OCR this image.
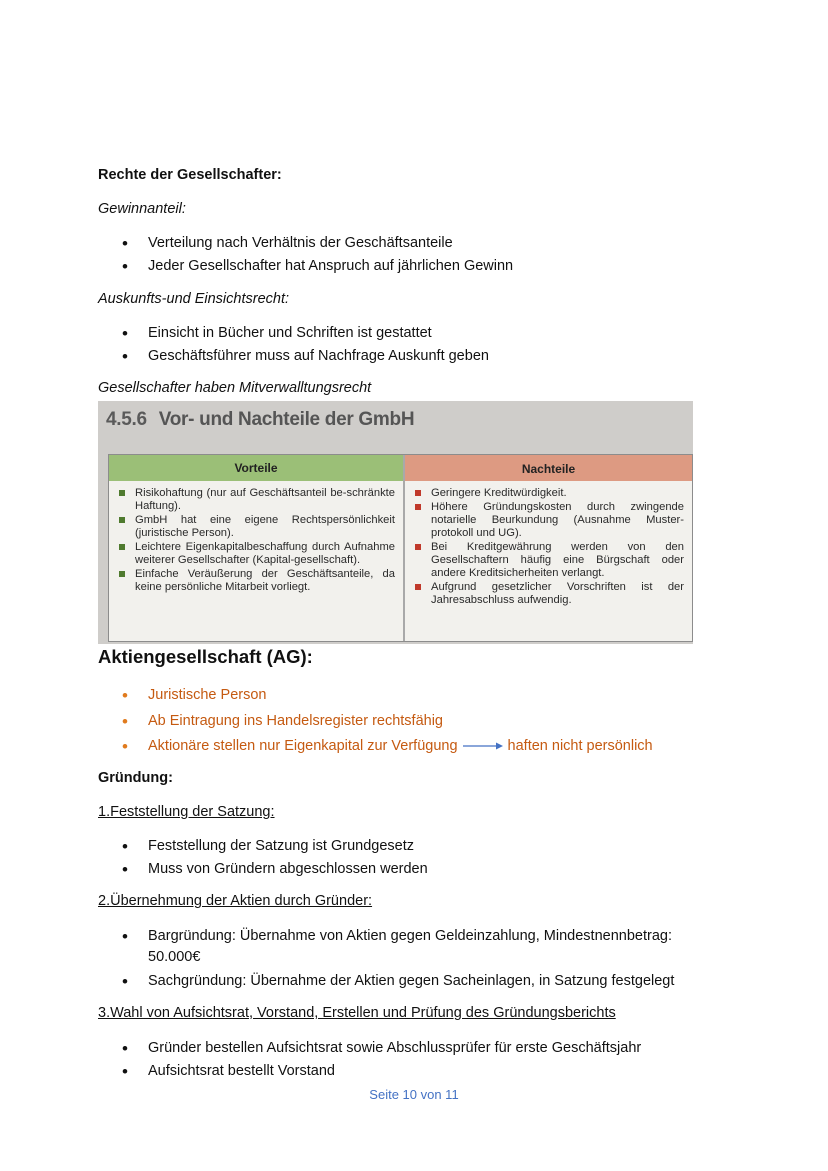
Rechte der Gesellschafter:
Gewinnanteil:
• Verteilung nach Verhältnis der Geschäftsanteile
• Jeder Gesellschafter hat Anspruch auf jährlichen Gewinn
Auskunfts-und Einsichtsrecht:
• Einsicht in Bücher und Schriften ist gestattet
• Geschäftsführer muss auf Nachfrage Auskunft geben
Gesellschafter haben Mitverwalltungsrecht
4.5.6 Vor- und Nachteile der GmbH
Vorteile
Risikohaftung (nur auf Geschäftsanteil be-schränkte Haftung).
GmbH hat eine eigene Rechtspersönlichkeit (juristische Person).
Leichtere Eigenkapitalbeschaffung durch Aufnahme weiterer Gesellschafter (Kapital-gesellschaft).
Einfache Veräußerung der Geschäftsanteile, da keine persönliche Mitarbeit vorliegt.
Nachteile
Geringere Kreditwürdigkeit.
Höhere Gründungskosten durch zwingende notarielle Beurkundung (Ausnahme Muster-protokoll und UG).
Bei Kreditgewährung werden von den Gesellschaftern häufig eine Bürgschaft oder andere Kreditsicherheiten verlangt.
Aufgrund gesetzlicher Vorschriften ist der Jahresabschluss aufwendig.
Aktiengesellschaft (AG):
• Juristische Person
• Ab Eintragung ins Handelsregister rechtsfähig
• Aktionäre stellen nur Eigenkapital zur Verfügung	haften nicht persönlich
Gründung:
1.Feststellung der Satzung:
• Feststellung der Satzung ist Grundgesetz
• Muss von Gründern abgeschlossen werden
2.Übernehmung der Aktien durch Gründer:
• Bargründung: Übernahme von Aktien gegen Geldeinzahlung, Mindestnennbetrag: 50.000€
• Sachgründung: Übernahme der Aktien gegen Sacheinlagen, in Satzung festgelegt
3.Wahl von Aufsichtsrat, Vorstand, Erstellen und Prüfung des Gründungsberichts
• Gründer bestellen Aufsichtsrat sowie Abschlussprüfer für erste Geschäftsjahr
• Aufsichtsrat bestellt Vorstand
Seite 10 von 11
